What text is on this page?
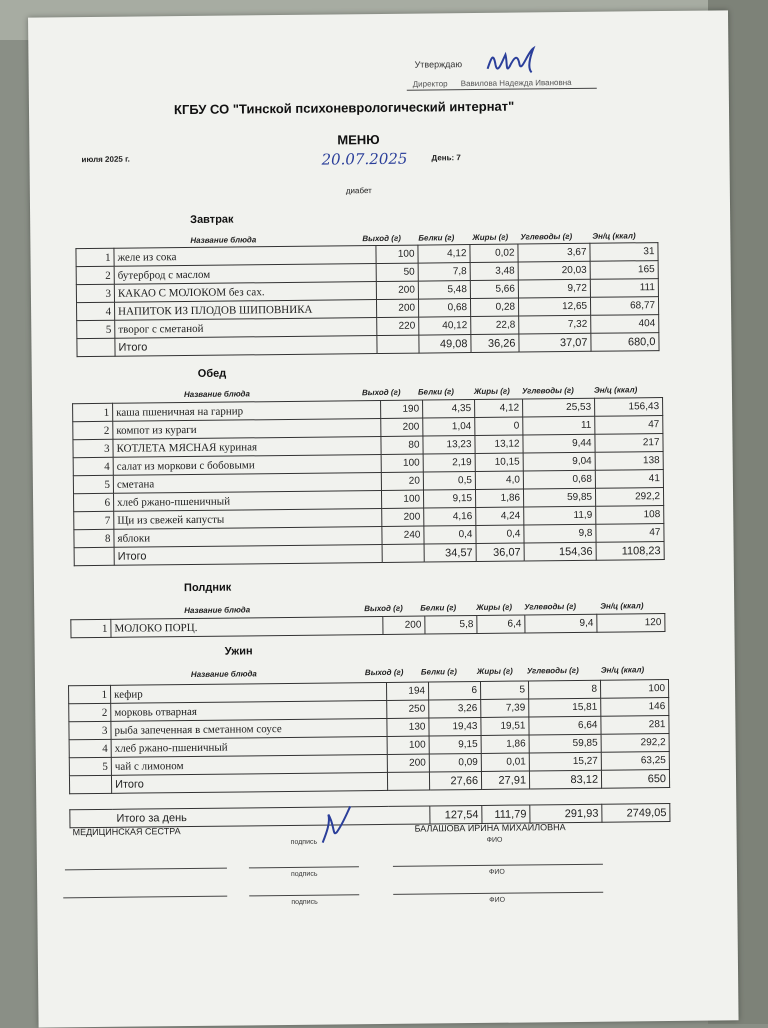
Утверждаю
Директор Вавилова Надежда Ивановна
КГБУ СО "Тинской психоневрологический интернат"
МЕНЮ
июля 2025 г.	20.07.2025	День: 7
диабет
Завтрак
Название блюда	Выход (г) Белки (г) Жиры (г) Углеводы (г)	Эн/ц (ккал)
1	желе из сока	100	4,12	0,02	3,67	31
2	бутерброд с маслом	50	7,8	3,48	20,03	165
3	КАКАО С МОЛОКОМ без сах.	200	5,48	5,66	9,72	111
4	НАПИТОК ИЗ ПЛОДОВ ШИПОВНИКА	200	0,68	0,28	12,65	68,77
5	творог с сметаной	220	40,12	22,8	7,32	404
	Итого		49,08	36,26	37,07	680,0
Обед
Название блюда	Выход (г) Белки (г) Жиры (г) Углеводы (г)	Эн/ц (ккал)
1	каша пшеничная на гарнир	190	4,35	4,12	25,53	156,43
2	компот из кураги	200	1,04	0	11	47
3	КОТЛЕТА МЯСНАЯ куриная	80	13,23	13,12	9,44	217
4	салат из моркови с бобовыми	100	2,19	10,15	9,04	138
5	сметана	20	0,5	4,0	0,68	41
6	хлеб ржано-пшеничный	100	9,15	1,86	59,85	292,2
7	Щи из свежей капусты	200	4,16	4,24	11,9	108
8	яблоки	240	0,4	0,4	9,8	47
	Итого		34,57	36,07	154,36	1108,23
Полдник
Название блюда	Выход (г) Белки (г) Жиры (г) Углеводы (г)	Эн/ц (ккал)
1	МОЛОКО ПОРЦ.	200	5,8	6,4	9,4	120
Ужин
Название блюда	Выход (г) Белки (г) Жиры (г) Углеводы (г)	Эн/ц (ккал)
1	кефир	194	6	5	8	100
2	морковь отварная	250	3,26	7,39	15,81	146
3	рыба запеченная в сметанном соусе	130	19,43	19,51	6,64	281
4	хлеб ржано-пшеничный	100	9,15	1,86	59,85	292,2
5	чай с лимоном	200	0,09	0,01	15,27	63,25
	Итого		27,66	27,91	83,12	650
Итого за день	127,54	111,79	291,93	2749,05
МЕДИЦИНСКАЯ СЕСТРА	БАЛАШОВА ИРИНА МИХАЙЛОВНА
подпись	ФИО
подпись	ФИО
подпись	ФИО
